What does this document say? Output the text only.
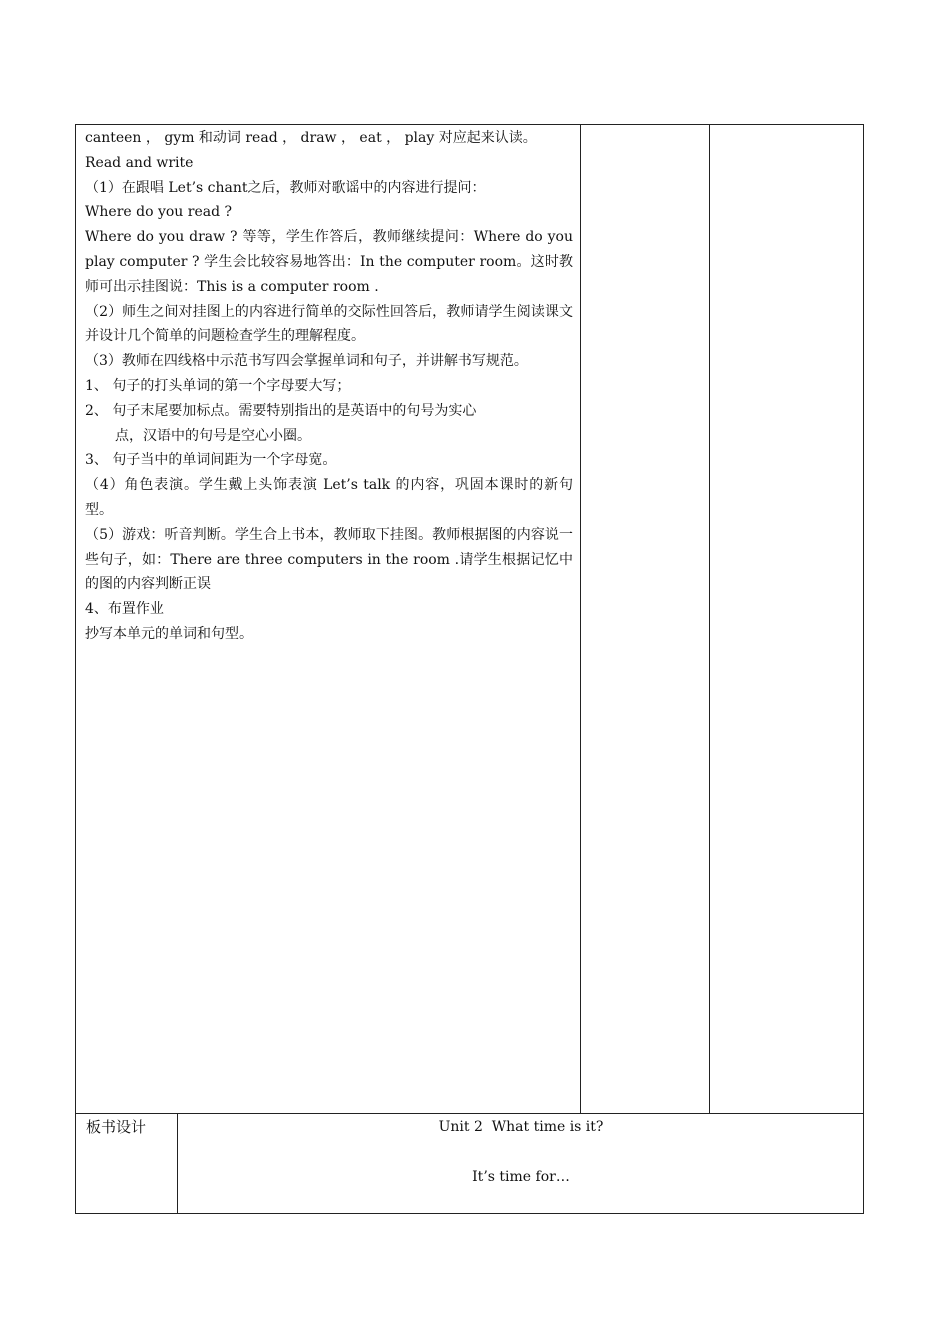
canteen ， gym 和动词 read ， draw ， eat ， play 对应起来认读。

Read and write

（1）在跟唱 Let’s chant之后，教师对歌谣中的内容进行提问：

Where do you read ?

Where do you draw ? 等等，学生作答后，教师继续提问：Where do you play computer ? 学生会比较容易地答出：In the computer room。这时教师可出示挂图说：This is a computer room .

（2）师生之间对挂图上的内容进行简单的交际性回答后，教师请学生阅读课文并设计几个简单的问题检查学生的理解程度。

（3）教师在四线格中示范书写四会掌握单词和句子，并讲解书写规范。

1、 句子的打头单词的第一个字母要大写；

2、 句子末尾要加标点。需要特别指出的是英语中的句号为实心

点，汉语中的句号是空心小圈。

3、 句子当中的单词间距为一个字母宽。

（4）角色表演。学生戴上头饰表演 Let’s talk 的内容，巩固本课时的新句型。

（5）游戏：听音判断。学生合上书本，教师取下挂图。教师根据图的内容说一些句子，如：There are three computers in the room .请学生根据记忆中的图的内容判断正误

4、布置作业

抄写本单元的单词和句型。

板书设计	Unit 2  What time is it?
It’s time for…
